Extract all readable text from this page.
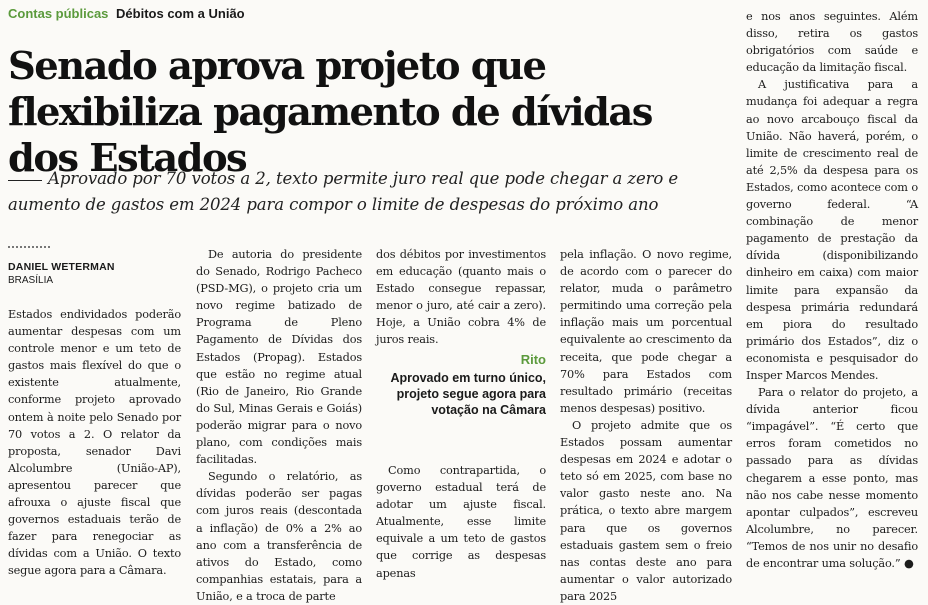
Contas públicas Débitos com a União
Senado aprova projeto que flexibiliza pagamento de dívidas dos Estados

Aprovado por 70 votos a 2, texto permite juro real que pode chegar a zero e aumento de gastos em 2024 para compor o limite de despesas do próximo ano

DANIEL WETERMAN
BRASÍLIA

Estados endividados poderão aumentar despesas com um controle menor e um teto de gastos mais flexível do que o existente atualmente, conforme projeto aprovado ontem à noite pelo Senado por 70 votos a 2. O relator da proposta, senador Davi Alcolumbre (União-AP), apresentou parecer que afrouxa o ajuste fiscal que governos estaduais terão de fazer para renegociar as dívidas com a União. O texto segue agora para a Câmara.

De autoria do presidente do Senado, Rodrigo Pacheco (PSD-MG), o projeto cria um novo regime batizado de Programa de Pleno Pagamento de Dívidas dos Estados (Propag). Estados que estão no regime atual (Rio de Janeiro, Rio Grande do Sul, Minas Gerais e Goiás) poderão migrar para o novo plano, com condições mais facilitadas.

Segundo o relatório, as dívidas poderão ser pagas com juros reais (descontada a inflação) de 0% a 2% ao ano com a transferência de ativos do Estado, como companhias estatais, para a União, e a troca de parte

dos débitos por investimentos em educação (quanto mais o Estado consegue repassar, menor o juro, até cair a zero). Hoje, a União cobra 4% de juros reais.

Rito
Aprovado em turno único, projeto segue agora para votação na Câmara

Como contrapartida, o governo estadual terá de adotar um ajuste fiscal. Atualmente, esse limite equivale a um teto de gastos que corrige as despesas apenas

pela inflação. O novo regime, de acordo com o parecer do relator, muda o parâmetro permitindo uma correção pela inflação mais um porcentual equivalente ao crescimento da receita, que pode chegar a 70% para Estados com resultado primário (receitas menos despesas) positivo.

O projeto admite que os Estados possam aumentar despesas em 2024 e adotar o teto só em 2025, com base no valor gasto neste ano. Na prática, o texto abre margem para que os governos estaduais gastem sem o freio nas contas deste ano para aumentar o valor autorizado para 2025

e nos anos seguintes. Além disso, retira os gastos obrigatórios com saúde e educação da limitação fiscal.

A justificativa para a mudança foi adequar a regra ao novo arcabouço fiscal da União. Não haverá, porém, o limite de crescimento real de até 2,5% da despesa para os Estados, como acontece com o governo federal. “A combinação de menor pagamento de prestação da dívida (disponibilizando dinheiro em caixa) com maior limite para expansão da despesa primária redundará em piora do resultado primário dos Estados”, diz o economista e pesquisador do Insper Marcos Mendes.

Para o relator do projeto, a dívida anterior ficou “impagável”. “É certo que erros foram cometidos no passado para as dívidas chegarem a esse ponto, mas não nos cabe nesse momento apontar culpados”, escreveu Alcolumbre, no parecer. “Temos de nos unir no desafio de encontrar uma solução.” ●
